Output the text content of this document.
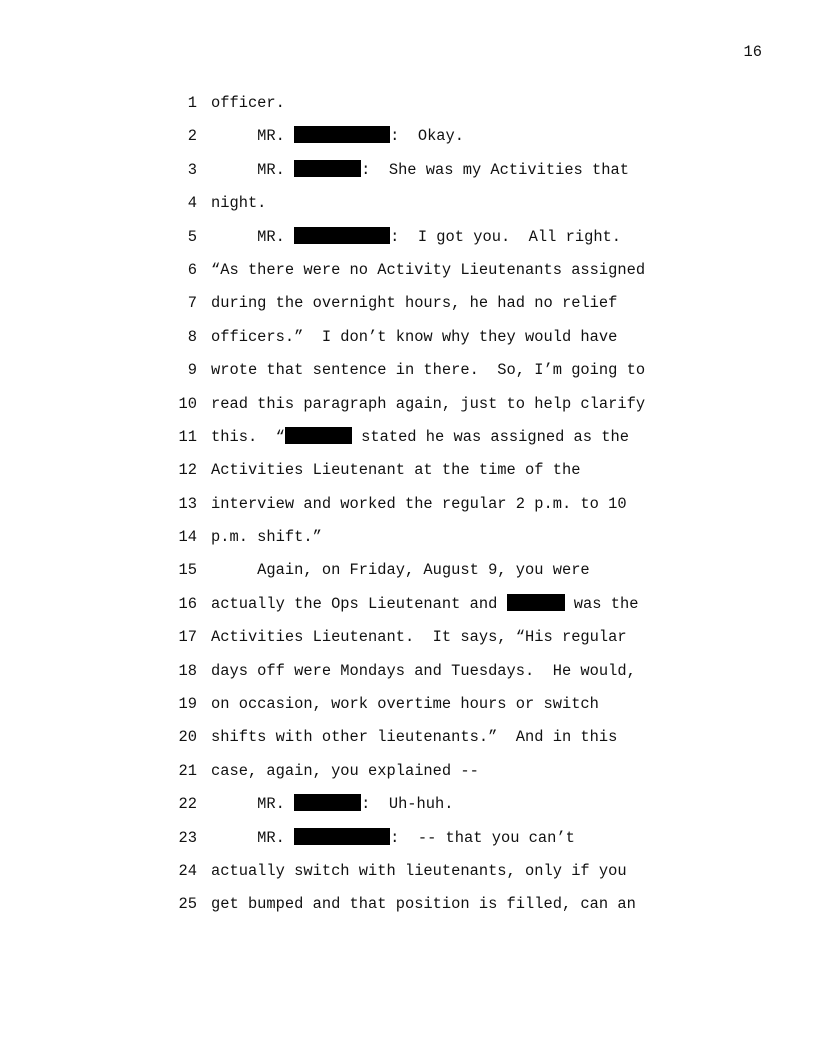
16
1 officer.
2 MR.	:  Okay.
3 MR.	:  She was my Activities that
4 night.
5 MR.	:  I got you.  All right.
6 “As there were no Activity Lieutenants assigned
7 during the overnight hours, he had no relief
8 officers.”  I don’t know why they would have
9 wrote that sentence in there.  So, I’m going to
10 read this paragraph again, just to help clarify
11 this.  “	stated he was assigned as the
12 Activities Lieutenant at the time of the
13 interview and worked the regular 2 p.m. to 10
14 p.m. shift.”
15 Again, on Friday, August 9, you were
16 actually the Ops Lieutenant and	was the
17 Activities Lieutenant.  It says, “His regular
18 days off were Mondays and Tuesdays.  He would,
19 on occasion, work overtime hours or switch
20 shifts with other lieutenants.”  And in this
21 case, again, you explained --
22 MR.	:  Uh-huh.
23 MR.	:  -- that you can’t
24 actually switch with lieutenants, only if you
25 get bumped and that position is filled, can an
